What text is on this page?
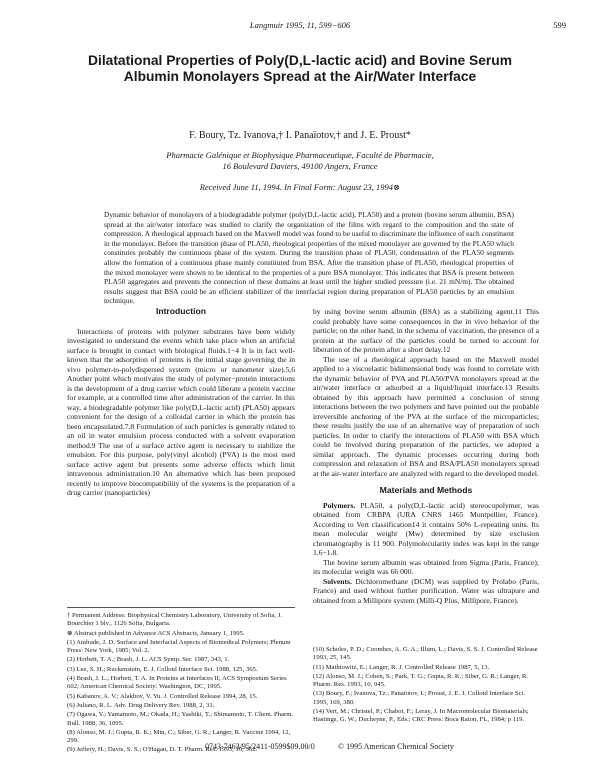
Langmuir 1995, 11, 599−606	599
Dilatational Properties of Poly(D,L-lactic acid) and Bovine Serum Albumin Monolayers Spread at the Air/Water Interface
F. Boury, Tz. Ivanova,† I. Panaïotov,† and J. E. Proust*
Pharmacie Galénique et Biophysique Pharmaceutique, Faculté de Pharmacie,
16 Boulevard Daviers, 49100 Angers, France
Received June 11, 1994. In Final Form: August 23, 1994⊗

Dynamic behavior of monolayers of a biodegradable polymer (poly(D,L-lactic acid), PLA50) and a protein (bovine serum albumin, BSA) spread at the air/water interface was studied to clarify the organization of the films with regard to the composition and the state of compression. A rheological approach based on the Maxwell model was found to be useful to discriminate the influence of each constituent in the monolayer. Before the transition phase of PLA50, rheological properties of the mixed monolayer are governed by the PLA50 which constitutes probably the continuous phase of the system. During the transition phase of PLA50, condensation of the PLA50 segments allow the formation of a continuous phase mainly constituted from BSA. After the transition phase of PLA50, rheological properties of the mixed monolayer were shown to be identical to the properties of a pure BSA monolayer. This indicates that BSA is present between PLA50 aggregates and prevents the connection of these domains at least until the higher studied pressure (i.e. 21 mN/m). The obtained results suggest that BSA could be an efficient stabilizer of the interfacial region during preparation of PLA50 particles by an emulsion technique.

Introduction

Interactions of proteins with polymer substrates have been widely investigated to understand the events which take place when an artificial surface is brought in contact with biological fluids.1−4 It is in fact well-known that the adsorption of proteins is the initial stage governing the in vivo polymer-to-polydispersed system (micro or nanometer size).5,6 Another point which motivates the study of polymer−protein interactions is the development of a drug carrier which could liberate a protein vaccine for example, at a controlled time after administration of the carrier. In this way, a biodegradable polymer like poly(D,L-lactic acid) (PLA50) appears convenient for the design of a colloidal carrier in which the protein has been encapsulated.7,8 Formulation of such particles is generally related to an oil in water emulsion process conducted with a solvent evaporation method.9 The use of a surface active agent is necessary to stabilize the emulsion. For this purpose, poly(vinyl alcohol) (PVA) is the most used surface active agent but presents some adverse effects which limit intravenous administration.10 An alternative which has been proposed recently to improve biocompatibility of the systems is the preparation of a drug carrier (nanoparticles)

by using bovine serum albumin (BSA) as a stabilizing agent.11 This could probably have some consequences in the in vivo behavior of the particle; on the other hand, in the schema of vaccination, the presence of a protein at the surface of the particles could be turned to account for liberation of the protein after a short delay.12

The use of a rheological approach based on the Maxwell model applied to a viscoelastic bidimensional body was found to correlate with the dynamic behavior of PVA and PLA50/PVA monolayers spread at the air/water interface or adsorbed at a liquid/liquid interface.13 Results obtained by this approach have permitted a conclusion of strong interactions between the two polymers and have pointed out the probable irreversible anchoring of the PVA at the surface of the microparticles; these results justify the use of an alternative way of preparation of such particles. In order to clarify the interactions of PLA50 with BSA which could be involved during preparation of the particles, we adopted a similar approach. The dynamic processes occurring during both compression and relaxation of BSA and BSA/PLA50 monolayers spread at the air-water interface are analyzed with regard to the developed model.

Materials and Methods

Polymers. PLA50, a poly(D,L-lactic acid) stereocopolymer, was obtained from CRBPA (URA CNRS 1465 Montpellier, France). According to Vert classification14 it contains 50% L-repeating units. Its mean molecular weight (Mw) determined by size exclusion chromatography is 11 900. Polymolecularity index was kept in the range 1.6−1.8.

The bovine serum albumin was obtained from Sigma (Paris, France); its molecular weight was 66 000.

Solvents. Dichloromethane (DCM) was supplied by Prolabo (Paris, France) and used without further purification. Water was ultrapure and obtained from a Millipore system (Milli-Q Plus, Millipore, France).

† Permanent Address: Biophysical Chemistry Laboratory, University of Sofia, J. Bourchier 1 blv., 1126 Sofia, Bulgaria.

⊗ Abstract published in Advance ACS Abstracts, January 1, 1995.

(1) Andrade, J. D. Surface and Interfacial Aspects of Biomedical Polymers; Plenum Press: New York, 1985; Vol. 2.

(2) Horbett, T. A.; Brash, J. L. ACS Symp. Ser. 1987, 343, 1.

(3) Lee, S. H.; Ruckenstein, E. J. Colloid Interface Sci. 1988, 125, 365.

(4) Brash, J. L.; Horbett, T. A. In Proteins at Interfaces II; ACS Symposium Series 602; American Chemical Society: Washington, DC, 1995.

(5) Kabanov, A. V.; Alakhov, V. Yu. J. Controlled Release 1994, 28, 15.

(6) Juliano, R. L. Adv. Drug Delivery Rev. 1988, 2, 31.

(7) Ogawa, Y.; Yamamoto, M.; Okada, H.; Yashiki, T.; Shimamoto, T. Chem. Pharm. Bull. 1988, 36, 1095.

(8) Alonso, M. J.; Gupta, R. K.; Min, C.; Siber, G. R.; Langer, R. Vaccine 1994, 12, 299.

(9) Jeffery, H.; Davis, S. S.; O'Hagan, D. T. Pharm. Res. 1993, 10, 362.

(10) Scholes, P. D.; Coombes, A. G. A.; Illum, L.; Davis, S. S. J. Controlled Release 1993, 25, 145.

(11) Mathiowitz, E.; Langer, R. J. Controlled Release 1987, 5, 13.

(12) Alonso, M. J.; Cohen, S.; Park, T. G.; Gupta, R. K.; Siber, G. R.; Langer, R. Pharm. Res. 1993, 10, 945.

(13) Boury, F.; Ivanova, Tz.; Panaïotov, I.; Proust, J. E. J. Colloid Interface Sci. 1995, 169, 380.

(14) Vert, M.; Christel, P.; Chabot, F.; Leray, J. In Macromolecular Biomaterials; Hastings, G. W., Ducheyne, P., Eds.; CRC Press: Boca Raton, FL, 1984; p 119.

0743-7463/95/2411-0599$09.00/0	© 1995 American Chemical Society
